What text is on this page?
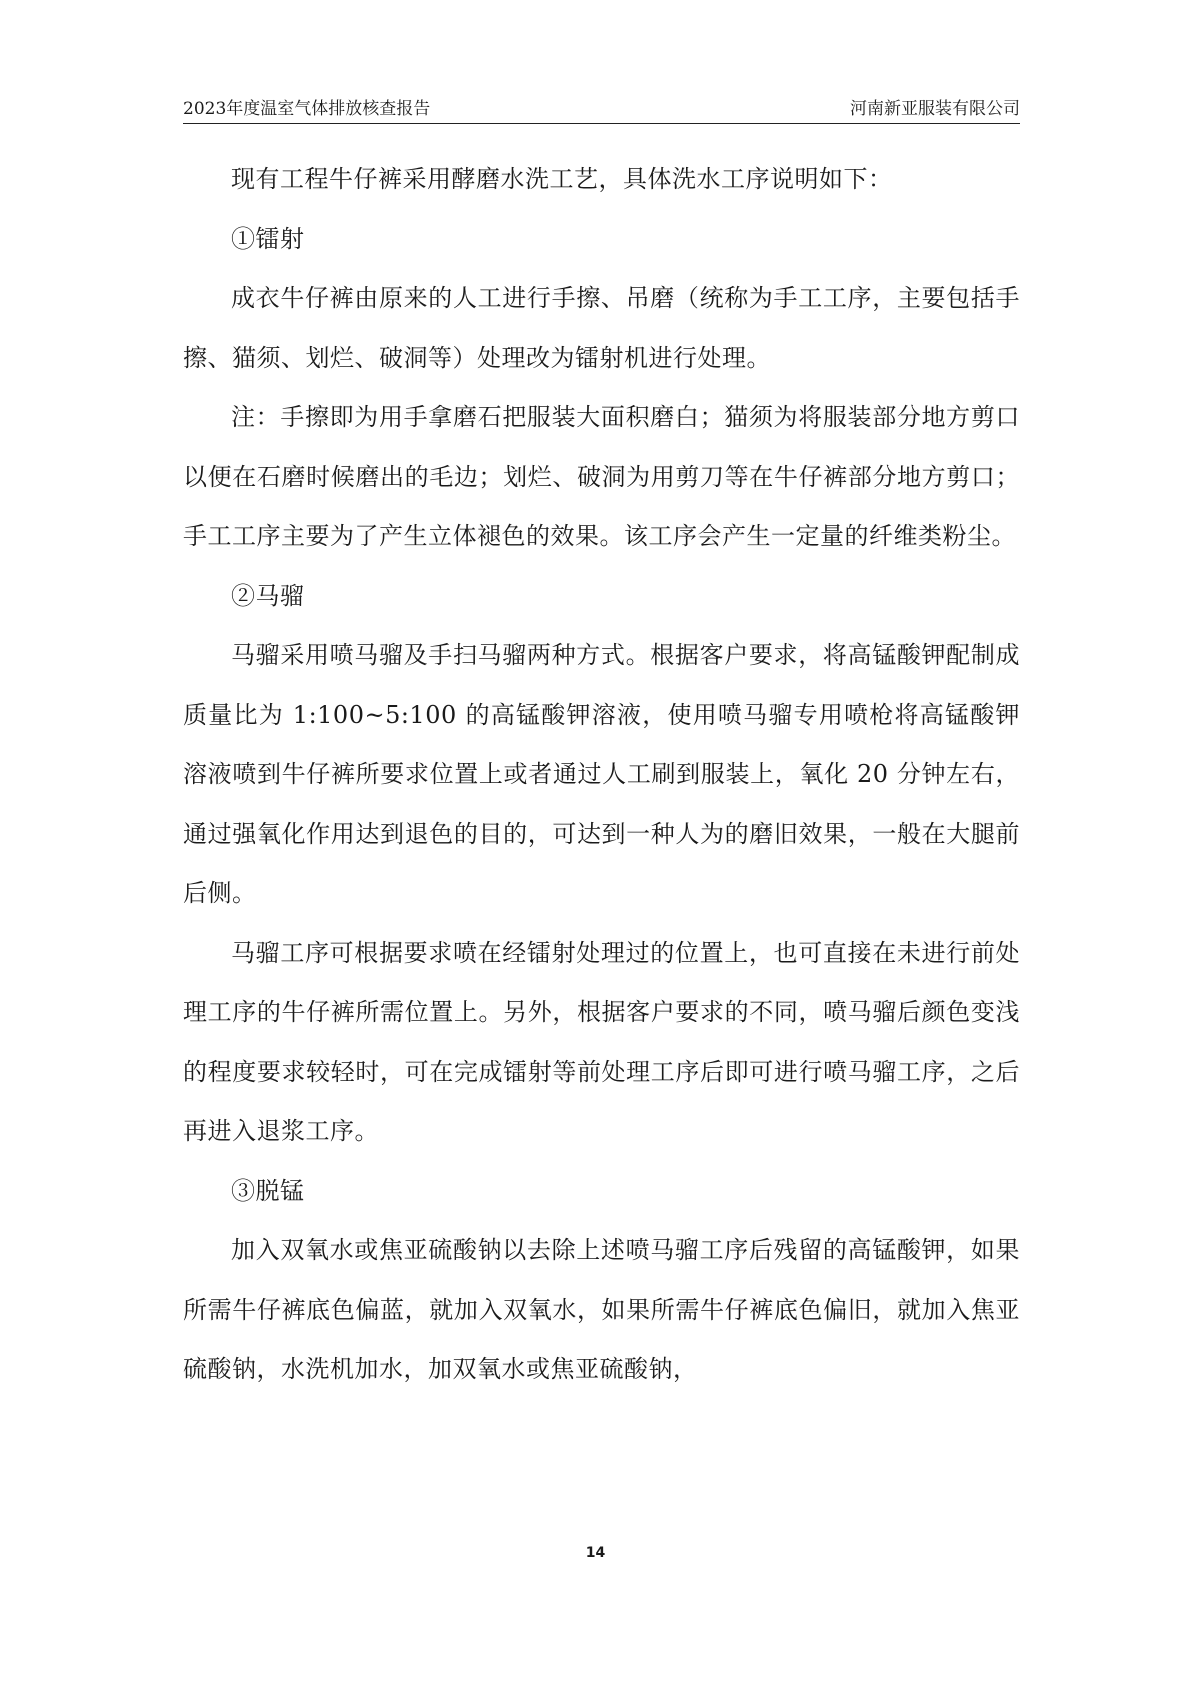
2023年度温室气体排放核查报告	河南新亚服装有限公司

现有工程牛仔裤采用酵磨水洗工艺，具体洗水工序说明如下：

①镭射

成衣牛仔裤由原来的人工进行手擦、吊磨（统称为手工工序，主要包括手擦、猫须、划烂、破洞等）处理改为镭射机进行处理。

注：手擦即为用手拿磨石把服装大面积磨白；猫须为将服装部分地方剪口以便在石磨时候磨出的毛边；划烂、破洞为用剪刀等在牛仔裤部分地方剪口；手工工序主要为了产生立体褪色的效果。该工序会产生一定量的纤维类粉尘。

②马骝

马骝采用喷马骝及手扫马骝两种方式。根据客户要求，将高锰酸钾配制成质量比为 1:100~5:100 的高锰酸钾溶液，使用喷马骝专用喷枪将高锰酸钾溶液喷到牛仔裤所要求位置上或者通过人工刷到服装上，氧化 20 分钟左右，通过强氧化作用达到退色的目的，可达到一种人为的磨旧效果，一般在大腿前后侧。

马骝工序可根据要求喷在经镭射处理过的位置上，也可直接在未进行前处理工序的牛仔裤所需位置上。另外，根据客户要求的不同，喷马骝后颜色变浅的程度要求较轻时，可在完成镭射等前处理工序后即可进行喷马骝工序，之后再进入退浆工序。

③脱锰

加入双氧水或焦亚硫酸钠以去除上述喷马骝工序后残留的高锰酸钾，如果所需牛仔裤底色偏蓝，就加入双氧水，如果所需牛仔裤底色偏旧，就加入焦亚硫酸钠，水洗机加水，加双氧水或焦亚硫酸钠，

14
